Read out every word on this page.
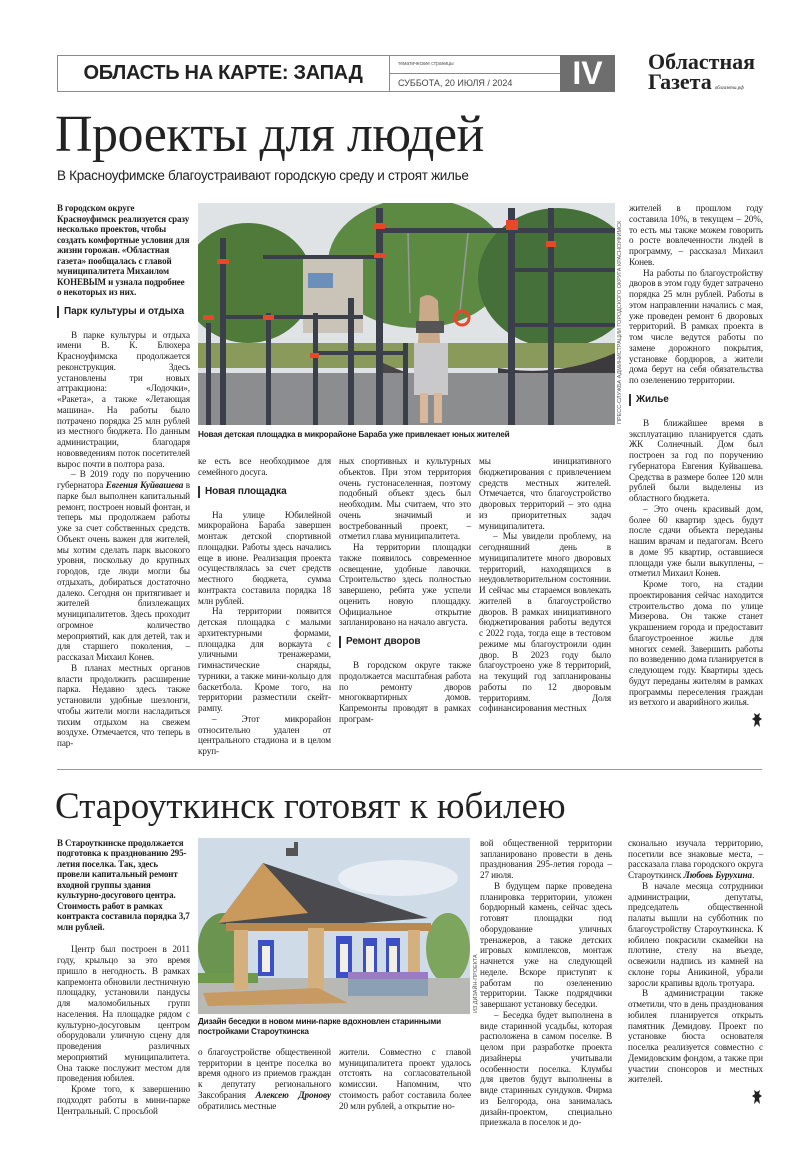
ОБЛАСТЬ НА КАРТЕ: ЗАПАД	тематические страницы
СУББОТА, 20 ИЮЛЯ / 2024	IV	Областная
Газета облгазета.рф
Проекты для людей
В Красноуфимске благоустраивают городскую среду и строят жилье

В городском округе Красноуфимск реализуется сразу несколько проектов, чтобы создать комфортные условия для жизни горожан. «Областная газета» пообщалась с главой муниципалитета Михаилом КОНЕВЫМ и узнала подробнее о некоторых из них.

Парк культуры и отдыха

В парке культуры и отдыха имени В. К. Блюхера Красноуфимска продолжается реконструкция. Здесь установлены три новых аттракциона: «Лодочки», «Ракета», а также «Летающая машина». На работы было потрачено порядка 25 млн рублей из местного бюджета. По данным администрации, благодаря нововведениям поток посетителей вырос почти в полтора раза.

– В 2019 году по поручению губернатора Евгения Куйвашева в парке был выполнен капитальный ремонт, построен новый фонтан, и теперь мы продолжаем работы уже за счет собственных средств. Объект очень важен для жителей, мы хотим сделать парк высокого уровня, поскольку до крупных городов, где люди могли бы отдыхать, добираться достаточно далеко. Сегодня он притягивает и жителей близлежащих муниципалитетов. Здесь проходит огромное количество мероприятий, как для детей, так и для старшего поколения, – рассказал Михаил Конев.

В планах местных органов власти продолжить расширение парка. Недавно здесь также установили удобные шезлонги, чтобы жители могли насладиться тихим отдыхом на свежем воздухе. Отмечается, что теперь в пар-

ПРЕСС-СЛУЖБА АДМИНИСТРАЦИИ ГОРОДСКОГО ОКРУГА КРАСНОУФИМСК
Новая детская площадка в микрорайоне Бараба уже привлекает юных жителей

ке есть все необходимое для семейного досуга.

Новая площадка

На улице Юбилейной микрорайона Бараба завершен монтаж детской спортивной площадки. Работы здесь начались еще в июне. Реализация проекта осуществлялась за счет средств местного бюджета, сумма контракта составила порядка 18 млн рублей.

На территории появится детская площадка с малыми архитектурными формами, площадка для воркаута с уличными тренажерами, гимнастические снаряды, турники, а также мини-кольцо для баскетбола. Кроме того, на территории разместили скейт-рампу.

– Этот микрорайон относительно удален от центрального стадиона и в целом круп-

ных спортивных и культурных объектов. При этом территория очень густонаселенная, поэтому подобный объект здесь был необходим. Мы считаем, что это очень значимый и востребованный проект, – отметил глава муниципалитета.

На территории площадки также появилось современное освещение, удобные лавочки. Строительство здесь полностью завершено, ребята уже успели оценить новую площадку. Официальное открытие запланировано на начало августа.

Ремонт дворов

В городском округе также продолжается масштабная работа по ремонту дворов многоквартирных домов. Капремонты проводят в рамках програм-

мы инициативного бюджетирования с привлечением средств местных жителей. Отмечается, что благоустройство дворовых территорий – это одна из приоритетных задач муниципалитета.

– Мы увидели проблему, на сегодняшний день в муниципалитете много дворовых территорий, находящихся в неудовлетворительном состоянии. И сейчас мы стараемся вовлекать жителей в благоустройство дворов. В рамках инициативного бюджетирования работы ведутся с 2022 года, тогда еще в тестовом режиме мы благоустроили один двор. В 2023 году было благоустроено уже 8 территорий, на текущий год запланированы работы по 12 дворовым территориям. Доля софинансирования местных

жителей в прошлом году составила 10%, в текущем – 20%, то есть мы также можем говорить о росте вовлеченности людей в программу, – рассказал Михаил Конев.

На работы по благоустройству дворов в этом году будет затрачено порядка 25 млн рублей. Работы в этом направлении начались с мая, уже проведен ремонт 6 дворовых территорий. В рамках проекта в том числе ведутся работы по замене дорожного покрытия, установке бордюров, а жители дома берут на себя обязательства по озеленению территории.

Жилье

В ближайшее время в эксплуатацию планируется сдать ЖК Солнечный. Дом был построен за год по поручению губернатора Евгения Куйвашева. Средства в размере более 120 млн рублей были выделены из областного бюджета.

– Это очень красивый дом, более 60 квартир здесь будут после сдачи объекта переданы нашим врачам и педагогам. Всего в доме 95 квартир, оставшиеся площади уже были выкуплены, – отметил Михаил Конев.

Кроме того, на стадии проектирования сейчас находится строительство дома по улице Мизерова. Он также станет украшением города и предоставит благоустроенное жилье для многих семей. Завершить работы по возведению дома планируется в следующем году. Квартиры здесь будут переданы жителям в рамках программы переселения граждан из ветхого и аварийного жилья.

Староуткинск готовят к юбилею

В Староуткинске продолжается подготовка к празднованию 295-летия поселка. Так, здесь провели капитальный ремонт входной группы здания культурно-досугового центра. Стоимость работ в рамках контракта составила порядка 3,7 млн рублей.

Центр был построен в 2011 году, крыльцо за это время пришло в негодность. В рамках капремонта обновили лестничную площадку, установили пандусы для маломобильных групп населения. На площадке рядом с культурно-досуговым центром оборудовали уличную сцену для проведения различных мероприятий муниципалитета. Она также послужит местом для проведения юбилея.

Кроме того, к завершению подходят работы в мини-парке Центральный. С просьбой

ИЗ ДИЗАЙН-ПРОЕКТА
Дизайн беседки в новом мини-парке вдохновлен старинными постройками Староуткинска

о благоустройстве общественной территории в центре поселка во время одного из приемов граждан к депутату регионального Заксобрания Алексею Дронову обратились местные

жители. Совместно с главой муниципалитета проект удалось отстоять на согласовательной комиссии. Напомним, что стоимость работ составила более 20 млн рублей, а открытие но-

вой общественной территории запланировано провести в день празднования 295-летия города – 27 июля.

В будущем парке проведена планировка территории, уложен бордюрный камень, сейчас здесь готовят площадки под оборудование уличных тренажеров, а также детских игровых комплексов, монтаж начнется уже на следующей неделе. Вскоре приступят к работам по озеленению территории. Также подрядчики завершают установку беседки.

– Беседка будет выполнена в виде старинной усадьбы, которая расположена в самом поселке. В целом при разработке проекта дизайнеры учитывали особенности поселка. Клумбы для цветов будут выполнены в виде старинных сундуков. Фирма из Белгорода, она занималась дизайн-проектом, специально приезжала в поселок и до-

сконально изучала территорию, посетили все знаковые места, – рассказала глава городского округа Староуткинск Любовь Бурухина.

В начале месяца сотрудники администрации, депутаты, председатель общественной палаты вышли на субботник по благоустройству Староуткинска. К юбилею покрасили скамейки на плотине, стелу на въезде, освежили надпись из камней на склоне горы Аникиной, убрали заросли крапивы вдоль тротуара.

В администрации также отметили, что в день празднования юбилея планируется открыть памятник Демидову. Проект по установке бюста основателя поселка реализуется совместно с Демидовским фондом, а также при участии спонсоров и местных жителей.
